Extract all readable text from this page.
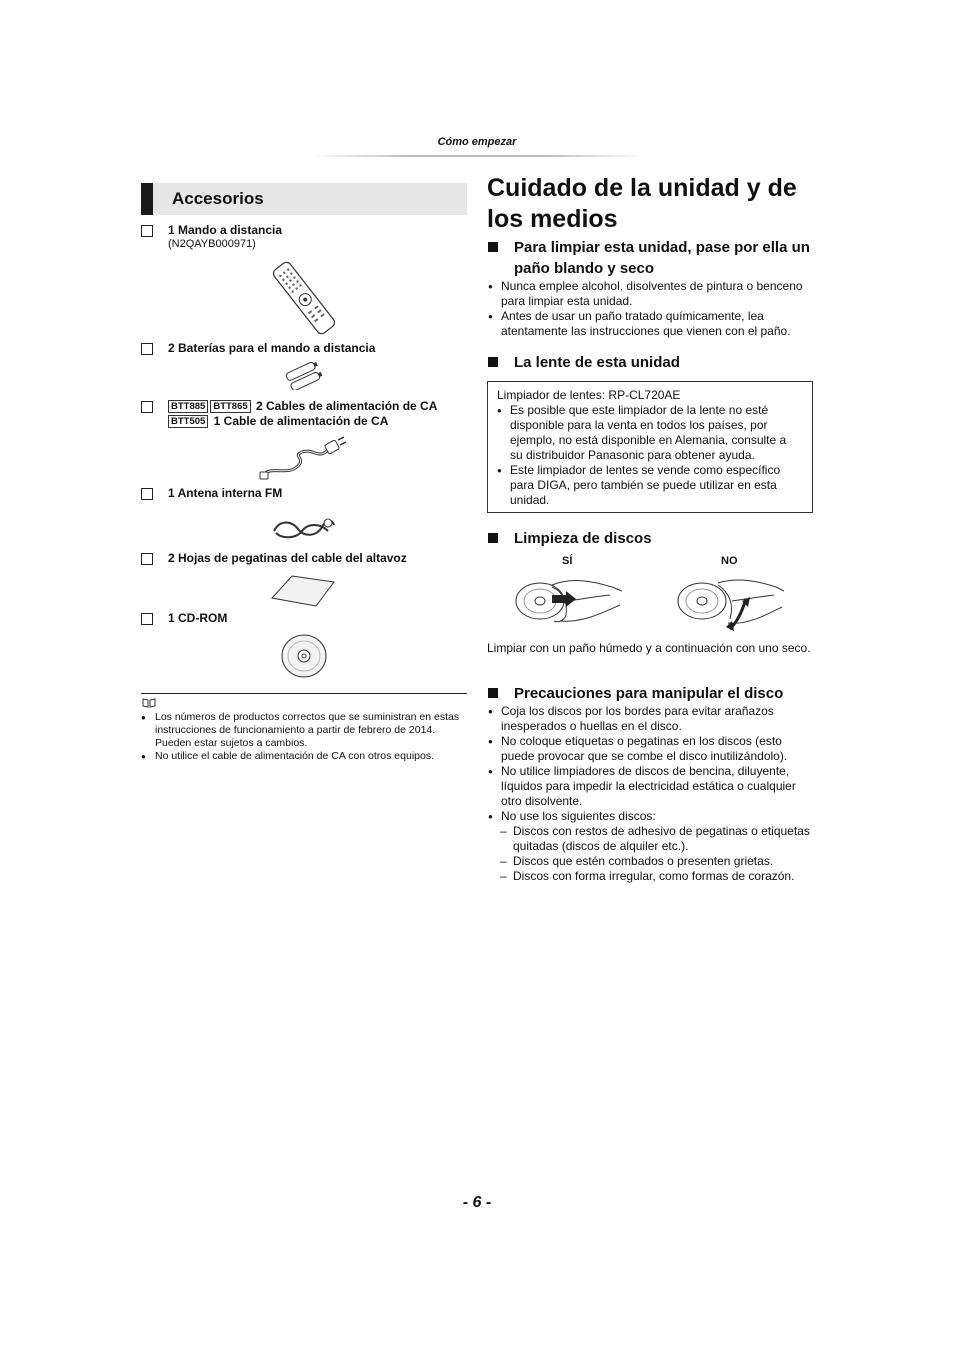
Cómo empezar
Accesorios
1 Mando a distancia
(N2QAYB000971)
2 Baterías para el mando a distancia
BTT885 BTT865 2 Cables de alimentación de CA
BTT505 1 Cable de alimentación de CA
1 Antena interna FM
2 Hojas de pegatinas del cable del altavoz
1 CD-ROM
● Los números de productos correctos que se suministran en estas instrucciones de funcionamiento a partir de febrero de 2014. Pueden estar sujetos a cambios.
● No utilice el cable de alimentación de CA con otros equipos.
Cuidado de la unidad y de los medios
Para limpiar esta unidad, pase por ella un paño blando y seco
● Nunca emplee alcohol, disolventes de pintura o benceno para limpiar esta unidad.
● Antes de usar un paño tratado químicamente, lea atentamente las instrucciones que vienen con el paño.
La lente de esta unidad
Limpiador de lentes: RP-CL720AE
● Es posible que este limpiador de la lente no esté disponible para la venta en todos los países, por ejemplo, no está disponible en Alemania, consulte a su distribuidor Panasonic para obtener ayuda.
● Este limpiador de lentes se vende como específico para DIGA, pero también se puede utilizar en esta unidad.
Limpieza de discos
SÍ	NO
Limpiar con un paño húmedo y a continuación con uno seco.
Precauciones para manipular el disco
● Coja los discos por los bordes para evitar arañazos inesperados o huellas en el disco.
● No coloque etiquetas o pegatinas en los discos (esto puede provocar que se combe el disco inutilizándolo).
● No utilice limpiadores de discos de bencina, diluyente, líquidos para impedir la electricidad estática o cualquier otro disolvente.
● No use los siguientes discos:
– Discos con restos de adhesivo de pegatinas o etiquetas quitadas (discos de alquiler etc.).
– Discos que estén combados o presenten grietas.
– Discos con forma irregular, como formas de corazón.
- 6 -
